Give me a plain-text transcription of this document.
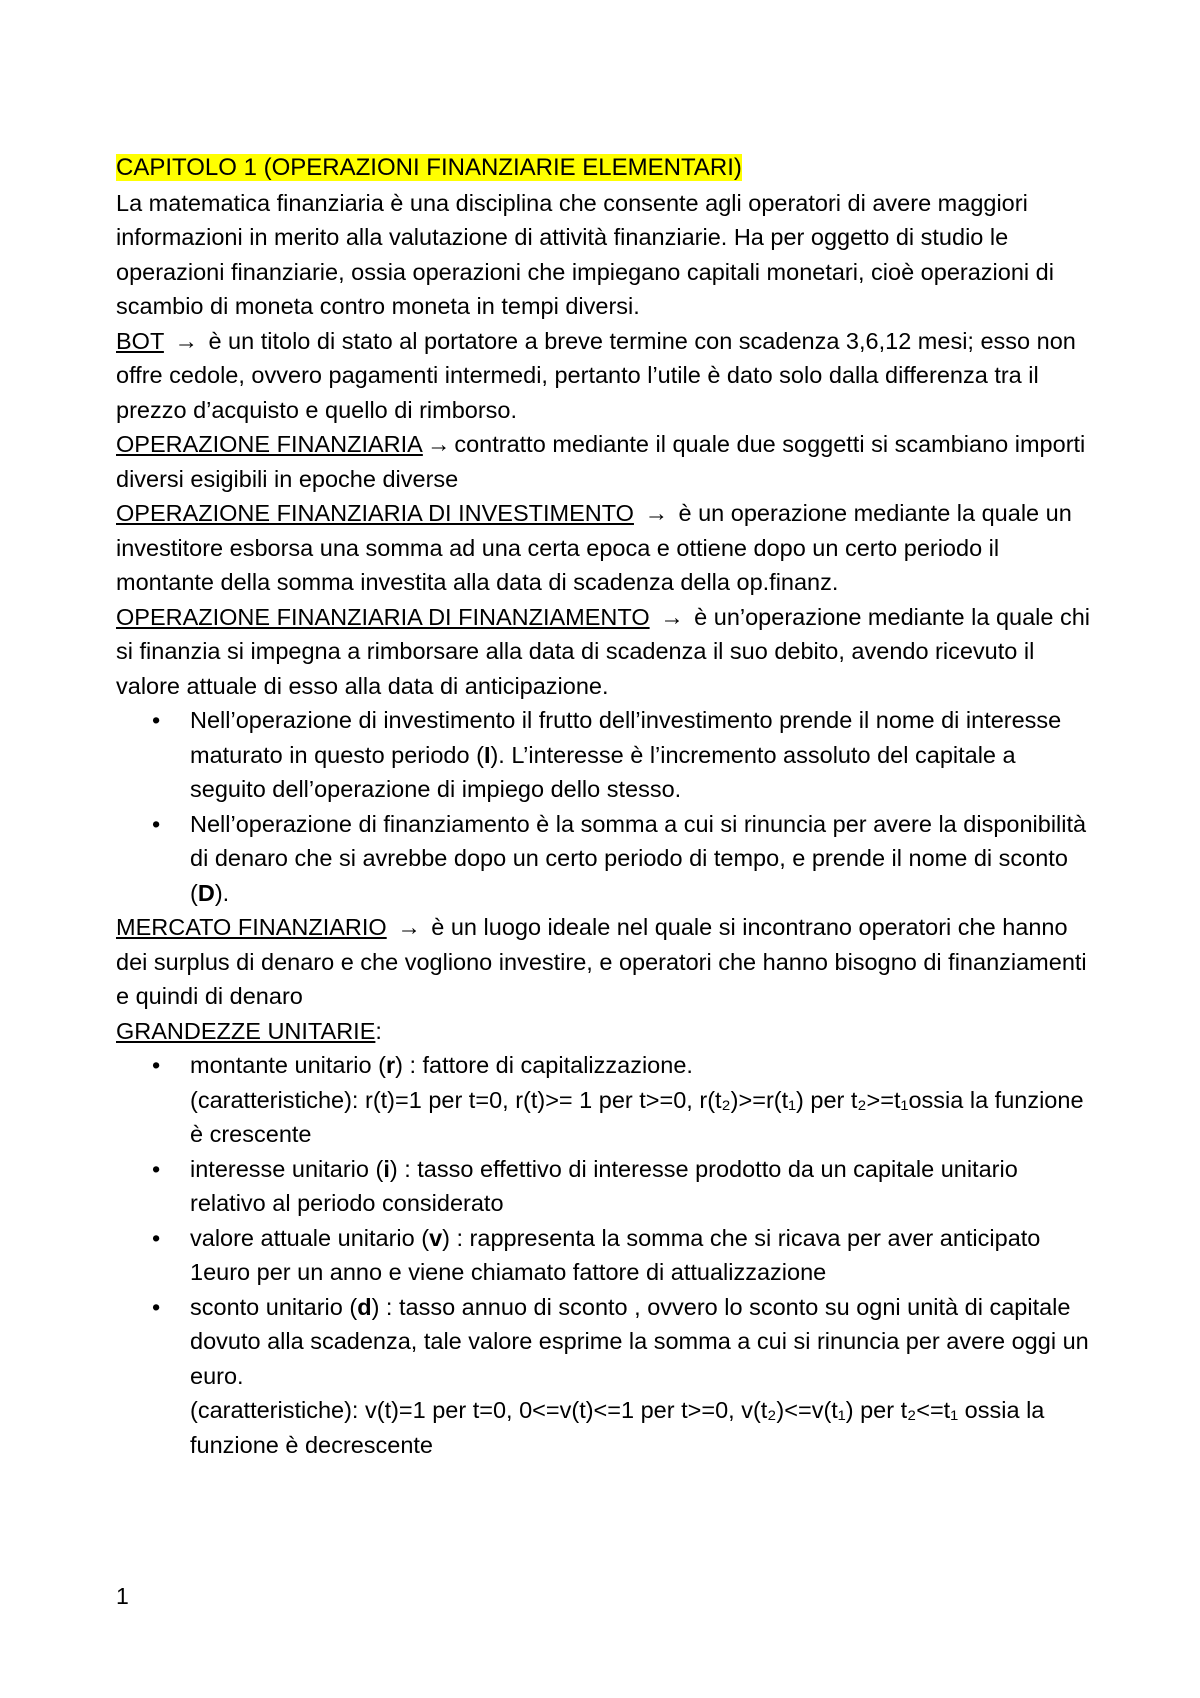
CAPITOLO 1 (OPERAZIONI FINANZIARIE ELEMENTARI)

La matematica finanziaria è una disciplina che consente agli operatori di avere maggiori informazioni in merito alla valutazione di attività finanziarie. Ha per oggetto di studio le operazioni finanziarie, ossia operazioni che impiegano capitali monetari, cioè operazioni di scambio di moneta contro moneta in tempi diversi.

BOT → è un titolo di stato al portatore a breve termine con scadenza 3,6,12 mesi; esso non offre cedole, ovvero pagamenti intermedi, pertanto l’utile è dato solo dalla differenza tra il prezzo d’acquisto e quello di rimborso.

OPERAZIONE FINANZIARIA → contratto mediante il quale due soggetti si scambiano importi diversi esigibili in epoche diverse

OPERAZIONE FINANZIARIA DI INVESTIMENTO → è un operazione mediante la quale un investitore esborsa una somma ad una certa epoca e ottiene dopo un certo periodo il montante della somma investita alla data di scadenza della op.finanz.

OPERAZIONE FINANZIARIA DI FINANZIAMENTO → è un’operazione mediante la quale chi si finanzia si impegna a rimborsare alla data di scadenza il suo debito, avendo ricevuto il valore attuale di esso alla data di anticipazione.

• Nell’operazione di investimento il frutto dell’investimento prende il nome di interesse maturato in questo periodo (I). L’interesse è l’incremento assoluto del capitale a seguito dell’operazione di impiego dello stesso.
• Nell’operazione di finanziamento è la somma a cui si rinuncia per avere la disponibilità di denaro che si avrebbe dopo un certo periodo di tempo, e prende il nome di sconto (D).

MERCATO FINANZIARIO → è un luogo ideale nel quale si incontrano operatori che hanno dei surplus di denaro e che vogliono investire, e operatori che hanno bisogno di finanziamenti e quindi di denaro

GRANDEZZE UNITARIE:

• montante unitario (r) : fattore di capitalizzazione.
(caratteristiche): r(t)=1 per t=0, r(t)>= 1 per t>=0, r(t₂)>=r(t₁) per t₂>=t₁ossia la funzione è crescente
• interesse unitario (i) : tasso effettivo di interesse prodotto da un capitale unitario relativo al periodo considerato
• valore attuale unitario (v) : rappresenta la somma che si ricava per aver anticipato 1euro per un anno e viene chiamato fattore di attualizzazione
• sconto unitario (d) : tasso annuo di sconto , ovvero lo sconto su ogni unità di capitale dovuto alla scadenza, tale valore esprime la somma a cui si rinuncia per avere oggi un euro.
(caratteristiche): v(t)=1 per t=0, 0<=v(t)<=1 per t>=0, v(t₂)<=v(t₁) per t₂<=t₁ ossia la funzione è decrescente
1
